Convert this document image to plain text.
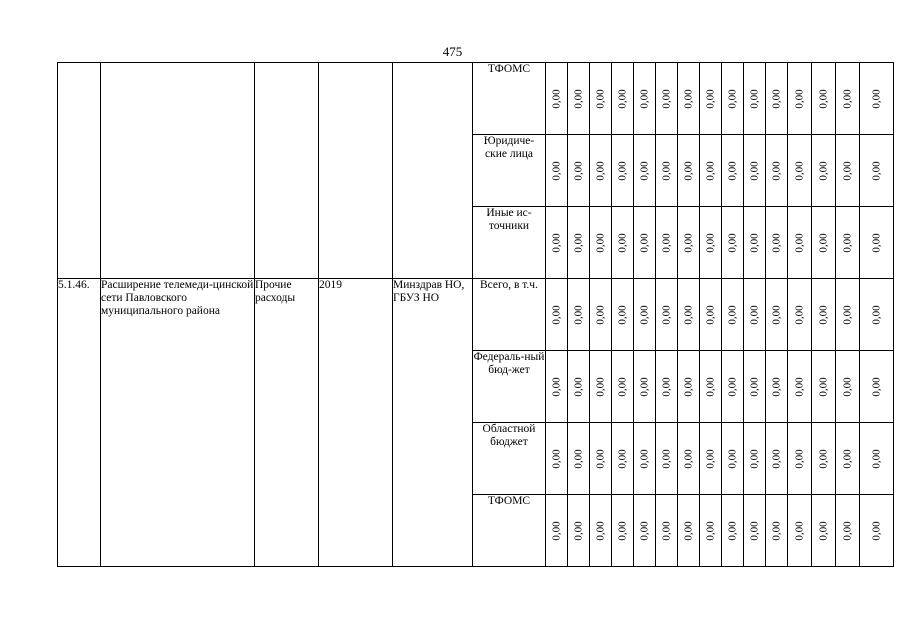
475
					ТФОМС	0,00	0,00	0,00	0,00	0,00	0,00	0,00	0,00	0,00	0,00	0,00	0,00	0,00	0,00	0,00

					Юридиче-ские лица	0,00	0,00	0,00	0,00	0,00	0,00	0,00	0,00	0,00	0,00	0,00	0,00	0,00	0,00	0,00

					Иные ис-точники	0,00	0,00	0,00	0,00	0,00	0,00	0,00	0,00	0,00	0,00	0,00	0,00	0,00	0,00	0,00

5.1.46.	Расширение телемеди-цинской сети Павловского муниципального района	Прочие расходы	2019	Минздрав НО, ГБУЗ НО	Всего, в т.ч.	0,00	0,00	0,00	0,00	0,00	0,00	0,00	0,00	0,00	0,00	0,00	0,00	0,00	0,00	0,00

					Федераль-ный бюд-жет	0,00	0,00	0,00	0,00	0,00	0,00	0,00	0,00	0,00	0,00	0,00	0,00	0,00	0,00	0,00

					Областной бюджет	0,00	0,00	0,00	0,00	0,00	0,00	0,00	0,00	0,00	0,00	0,00	0,00	0,00	0,00	0,00

					ТФОМС	0,00	0,00	0,00	0,00	0,00	0,00	0,00	0,00	0,00	0,00	0,00	0,00	0,00	0,00	0,00
